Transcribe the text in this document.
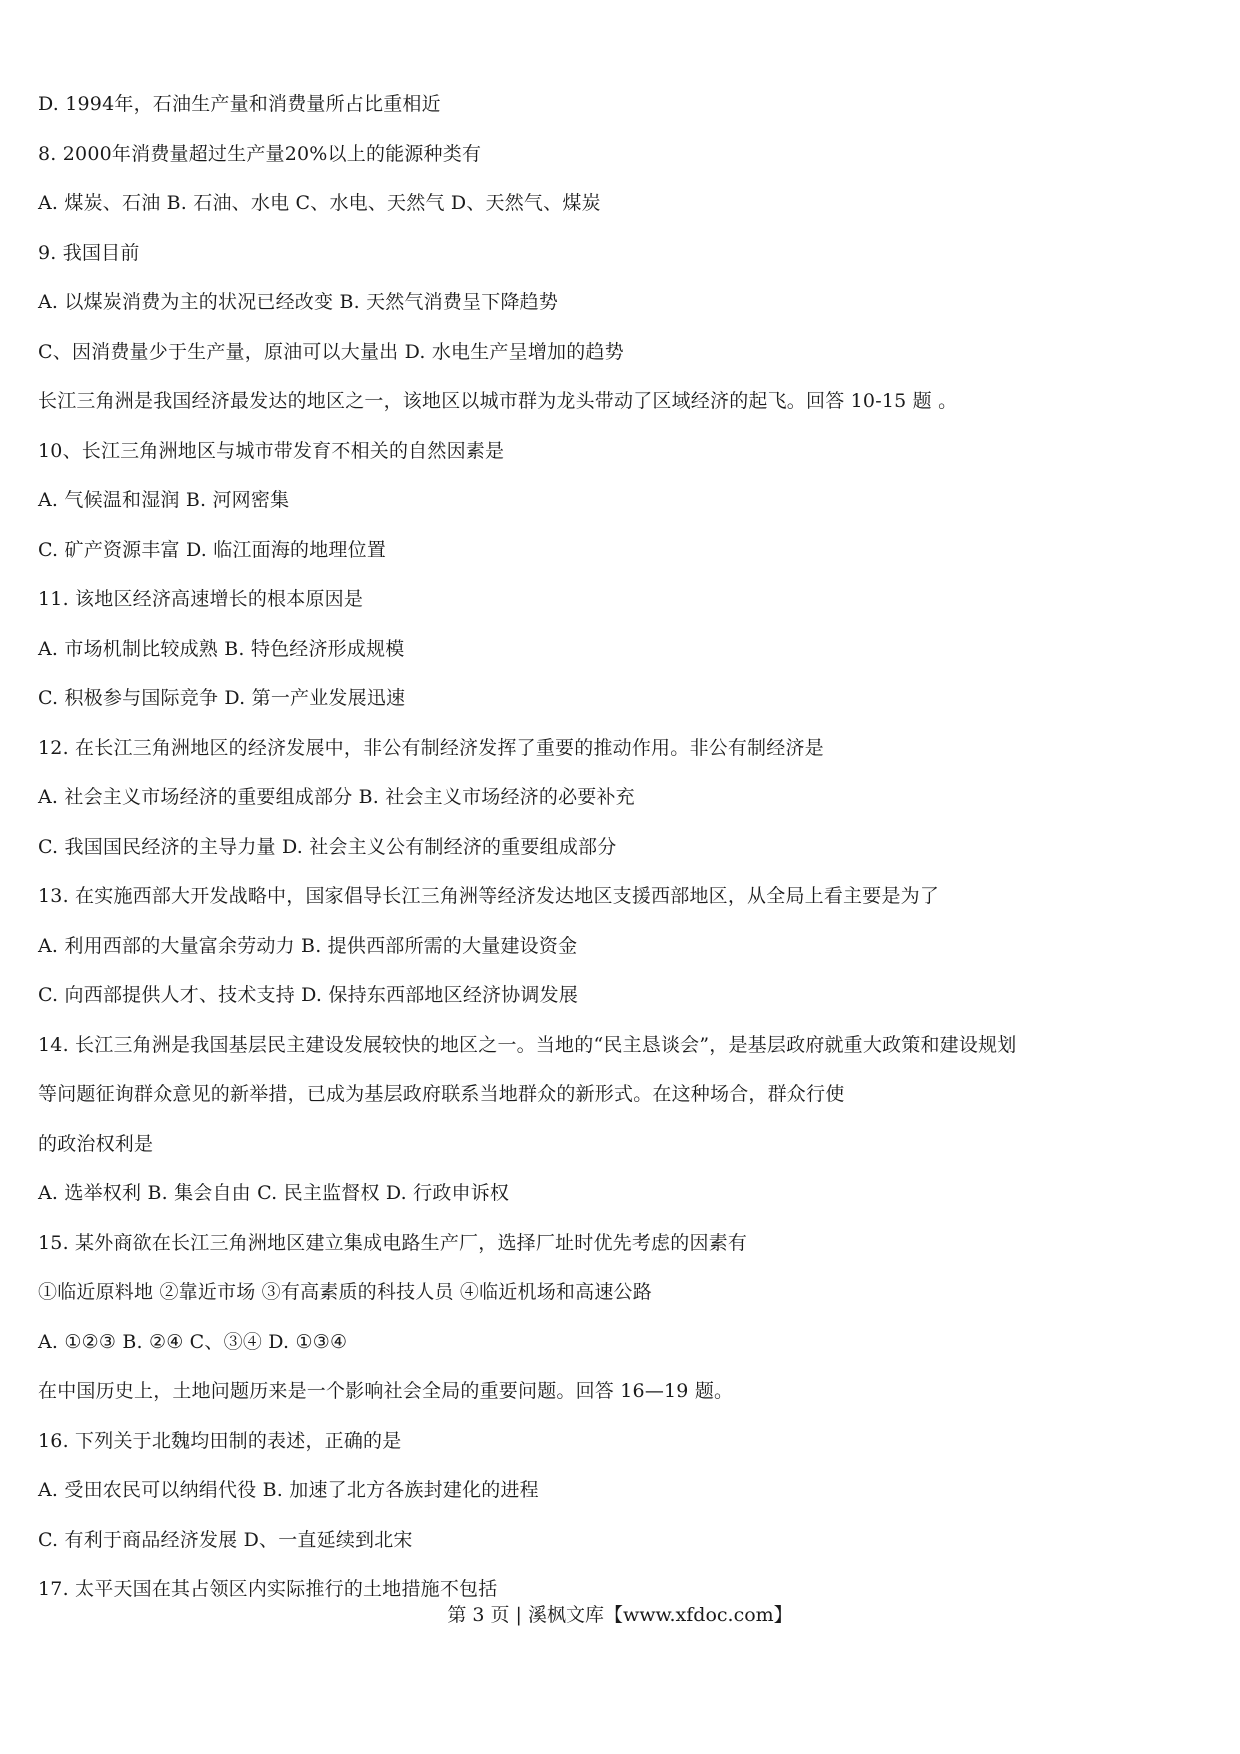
D. 1994年，石油生产量和消费量所占比重相近
8. 2000年消费量超过生产量20%以上的能源种类有
A. 煤炭、石油 B. 石油、水电 C、水电、天然气 D、天然气、煤炭
9. 我国目前
A. 以煤炭消费为主的状况已经改变 B. 天然气消费呈下降趋势
C、因消费量少于生产量，原油可以大量出 D. 水电生产呈增加的趋势
长江三角洲是我国经济最发达的地区之一，该地区以城市群为龙头带动了区域经济的起飞。回答 10-15 题 。
10、长江三角洲地区与城市带发育不相关的自然因素是
A. 气候温和湿润 B. 河网密集
C. 矿产资源丰富 D. 临江面海的地理位置
11. 该地区经济高速增长的根本原因是
A. 市场机制比较成熟 B. 特色经济形成规模
C. 积极参与国际竞争 D. 第一产业发展迅速
12. 在长江三角洲地区的经济发展中，非公有制经济发挥了重要的推动作用。非公有制经济是
A. 社会主义市场经济的重要组成部分 B. 社会主义市场经济的必要补充
C. 我国国民经济的主导力量 D. 社会主义公有制经济的重要组成部分
13. 在实施西部大开发战略中，国家倡导长江三角洲等经济发达地区支援西部地区，从全局上看主要是为了
A. 利用西部的大量富余劳动力 B. 提供西部所需的大量建设资金
C. 向西部提供人才、技术支持 D. 保持东西部地区经济协调发展
14. 长江三角洲是我国基层民主建设发展较快的地区之一。当地的“民主恳谈会”，是基层政府就重大政策和建设规划
等问题征询群众意见的新举措，已成为基层政府联系当地群众的新形式。在这种场合，群众行使
的政治权利是
A. 选举权利 B. 集会自由 C. 民主监督权 D. 行政申诉权
15. 某外商欲在长江三角洲地区建立集成电路生产厂，选择厂址时优先考虑的因素有
①临近原料地 ②靠近市场 ③有高素质的科技人员 ④临近机场和高速公路
A. ①②③ B. ②④ C、③④ D. ①③④
在中国历史上，土地问题历来是一个影响社会全局的重要问题。回答 16—19 题。
16. 下列关于北魏均田制的表述，正确的是
A. 受田农民可以纳绢代役 B. 加速了北方各族封建化的进程
C. 有利于商品经济发展 D、一直延续到北宋
17. 太平天国在其占领区内实际推行的土地措施不包括
第 3 页 | 溪枫文库【www.xfdoc.com】
